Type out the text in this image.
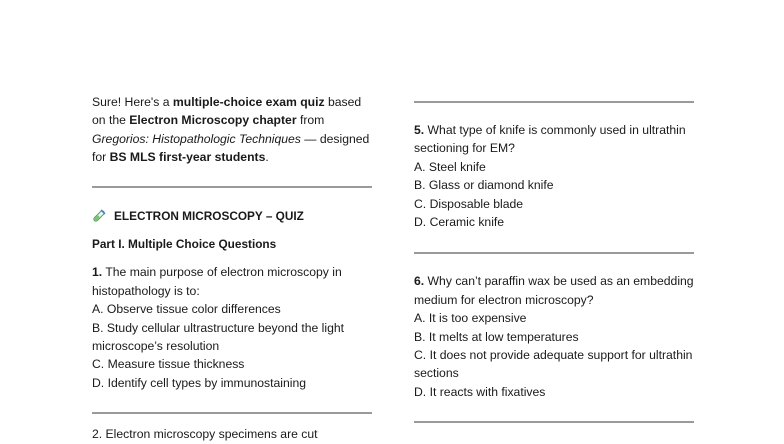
Sure! Here's a multiple-choice exam quiz based on the Electron Microscopy chapter from Gregorios: Histopathologic Techniques — designed for BS MLS first-year students.

ELECTRON MICROSCOPY – QUIZ
Part I. Multiple Choice Questions

1. The main purpose of electron microscopy in histopathology is to:

A. Observe tissue color differences

B. Study cellular ultrastructure beyond the light microscope’s resolution

C. Measure tissue thickness

D. Identify cell types by immunostaining

2. Electron microscopy specimens are cut

5. What type of knife is commonly used in ultrathin sectioning for EM?

A. Steel knife

B. Glass or diamond knife

C. Disposable blade

D. Ceramic knife

6. Why can’t paraffin wax be used as an embedding medium for electron microscopy?

A. It is too expensive

B. It melts at low temperatures

C. It does not provide adequate support for ultrathin sections

D. It reacts with fixatives
